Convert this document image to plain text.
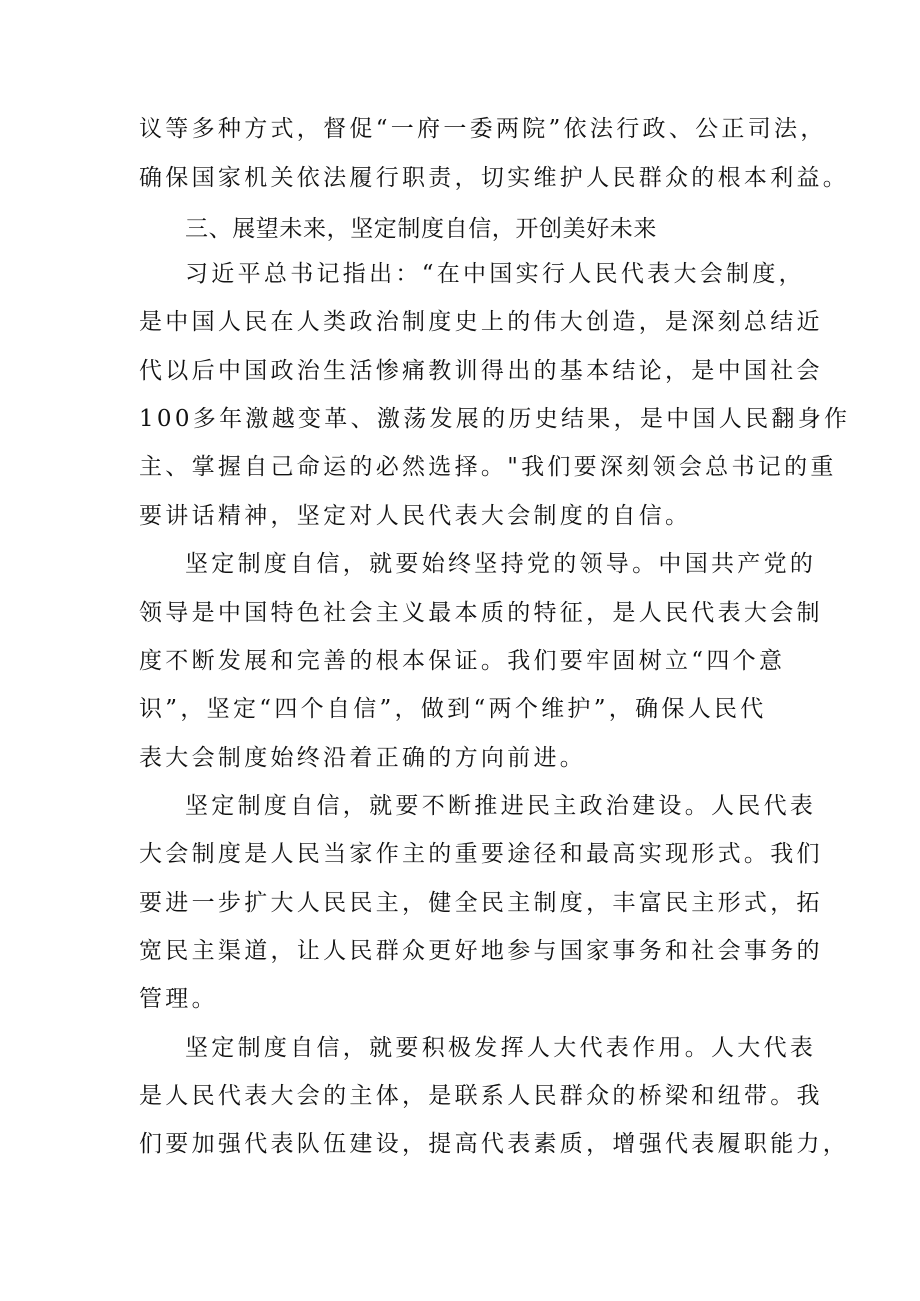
议等多种方式，督促“一府一委两院”依法行政、公正司法，

确保国家机关依法履行职责，切实维护人民群众的根本利益。

三、展望未来，坚定制度自信，开创美好未来

习近平总书记指出：“在中国实行人民代表大会制度，

是中国人民在人类政治制度史上的伟大创造，是深刻总结近

代以后中国政治生活惨痛教训得出的基本结论，是中国社会

100多年激越变革、激荡发展的历史结果，是中国人民翻身作

主、掌握自己命运的必然选择。"我们要深刻领会总书记的重

要讲话精神，坚定对人民代表大会制度的自信。

坚定制度自信，就要始终坚持党的领导。中国共产党的

领导是中国特色社会主义最本质的特征，是人民代表大会制

度不断发展和完善的根本保证。我们要牢固树立“四个意

识”，坚定“四个自信”，做到“两个维护”，确保人民代

表大会制度始终沿着正确的方向前进。

坚定制度自信，就要不断推进民主政治建设。人民代表

大会制度是人民当家作主的重要途径和最高实现形式。我们

要进一步扩大人民民主，健全民主制度，丰富民主形式，拓

宽民主渠道，让人民群众更好地参与国家事务和社会事务的

管理。

坚定制度自信，就要积极发挥人大代表作用。人大代表

是人民代表大会的主体，是联系人民群众的桥梁和纽带。我

们要加强代表队伍建设，提高代表素质，增强代表履职能力，
